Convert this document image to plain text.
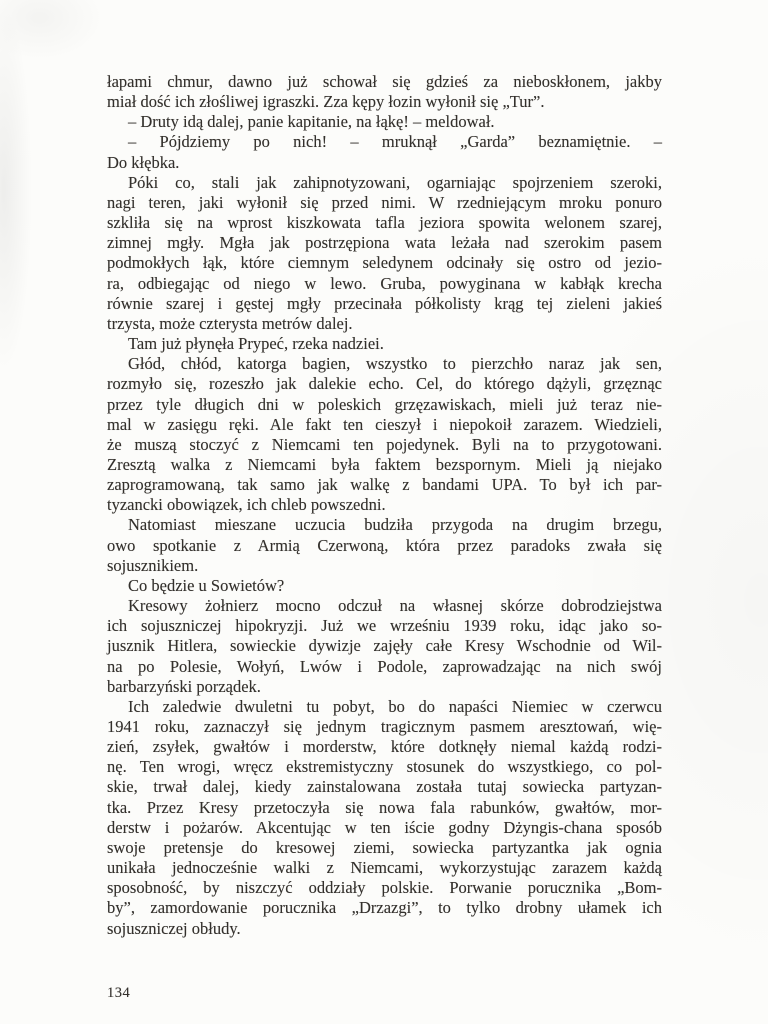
łapami chmur, dawno już schował się gdzieś za nieboskłonem, jakby
miał dość ich złośliwej igraszki. Zza kępy łozin wyłonił się „Tur”.

– Druty idą dalej, panie kapitanie, na łąkę! – meldował.

– Pójdziemy po nich! – mruknął „Garda” beznamiętnie. –
Do kłębka.

Póki co, stali jak zahipnotyzowani, ogarniając spojrzeniem szeroki,
nagi teren, jaki wyłonił się przed nimi. W rzedniejącym mroku ponuro
szkliła się na wprost kiszkowata tafla jeziora spowita welonem szarej,
zimnej mgły. Mgła jak postrzępiona wata leżała nad szerokim pasem
podmokłych łąk, które ciemnym seledynem odcinały się ostro od jezio-
ra, odbiegając od niego w lewo. Gruba, powyginana w kabłąk krecha
równie szarej i gęstej mgły przecinała półkolisty krąg tej zieleni jakieś
trzysta, może czterysta metrów dalej.

Tam już płynęła Prypeć, rzeka nadziei.

Głód, chłód, katorga bagien, wszystko to pierzchło naraz jak sen,
rozmyło się, rozeszło jak dalekie echo. Cel, do którego dążyli, grzęznąc
przez tyle długich dni w poleskich grzęzawiskach, mieli już teraz nie-
mal w zasięgu ręki. Ale fakt ten cieszył i niepokoił zarazem. Wiedzieli,
że muszą stoczyć z Niemcami ten pojedynek. Byli na to przygotowani.
Zresztą walka z Niemcami była faktem bezspornym. Mieli ją niejako
zaprogramowaną, tak samo jak walkę z bandami UPA. To był ich par-
tyzancki obowiązek, ich chleb powszedni.

Natomiast mieszane uczucia budziła przygoda na drugim brzegu,
owo spotkanie z Armią Czerwoną, która przez paradoks zwała się
sojusznikiem.

Co będzie u Sowietów?

Kresowy żołnierz mocno odczuł na własnej skórze dobrodziejstwa
ich sojuszniczej hipokryzji. Już we wrześniu 1939 roku, idąc jako so-
jusznik Hitlera, sowieckie dywizje zajęły całe Kresy Wschodnie od Wil-
na po Polesie, Wołyń, Lwów i Podole, zaprowadzając na nich swój
barbarzyński porządek.

Ich zaledwie dwuletni tu pobyt, bo do napaści Niemiec w czerwcu
1941 roku, zaznaczył się jednym tragicznym pasmem aresztowań, wię-
zień, zsyłek, gwałtów i morderstw, które dotknęły niemal każdą rodzi-
nę. Ten wrogi, wręcz ekstremistyczny stosunek do wszystkiego, co pol-
skie, trwał dalej, kiedy zainstalowana została tutaj sowiecka partyzan-
tka. Przez Kresy przetoczyła się nowa fala rabunków, gwałtów, mor-
derstw i pożarów. Akcentując w ten iście godny Dżyngis-chana sposób
swoje pretensje do kresowej ziemi, sowiecka partyzantka jak ognia
unikała jednocześnie walki z Niemcami, wykorzystując zarazem każdą
sposobność, by niszczyć oddziały polskie. Porwanie porucznika „Bom-
by”, zamordowanie porucznika „Drzazgi”, to tylko drobny ułamek ich
sojuszniczej obłudy.

134
